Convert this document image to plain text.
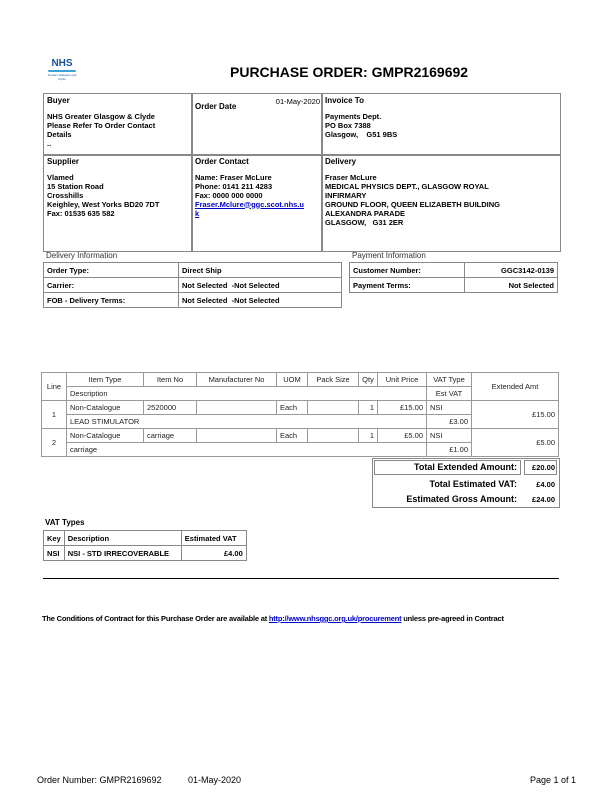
NHS
Greater Glasgow and Clyde	PURCHASE ORDER: GMPR2169692
Buyer
NHS Greater Glasgow & Clyde
Please Refer To Order Contact
Details
..
Order Date
01-May-2020 Invoice To
Payments Dept.
PO Box 7388
Glasgow,    G51 9BS
Supplier
Vlamed
15 Station Road
Crosshills
Keighley, West Yorks BD20 7DT
Fax: 01535 635 582
Order Contact
Name: Fraser McLure
Phone: 0141 211 4283
Fax: 0000 000 0000
Fraser.Mclure@ggc.scot.nhs.uk
Delivery
Fraser McLure
MEDICAL PHYSICS DEPT., GLASGOW ROYAL INFIRMARY
GROUND FLOOR, QUEEN ELIZABETH BUILDING
ALEXANDRA PARADE
GLASGOW,   G31 2ER
Delivery Information
Order Type:	Direct Ship
Carrier:	Not Selected  -Not Selected
FOB - Delivery Terms:	Not Selected  -Not Selected
Payment Information
Customer Number:	GGC3142-0139
Payment Terms:	Not Selected
Line	Item Type	Item No	Manufacturer No	UOM	Pack Size	Qty	Unit Price	VAT Type	Extended Amt
	Description							Est VAT	
1	Non-Catalogue	2520000		Each		1	£15.00	NSI	£15.00
	LEAD STIMULATOR							£3.00	
2	Non-Catalogue	carriage		Each		1	£5.00	NSI	£5.00
	carriage							£1.00	
Total Extended Amount: £20.00
Total Estimated VAT:	£4.00
Estimated Gross Amount: £24.00
VAT Types
Key	Description	Estimated VAT
NSI	NSI - STD IRRECOVERABLE	£4.00
The Conditions of Contract for this Purchase Order are available at http://www.nhsggc.org.uk/procurement unless pre-agreed in Contract
Order Number: GMPR2169692	01-May-2020	Page 1 of 1
